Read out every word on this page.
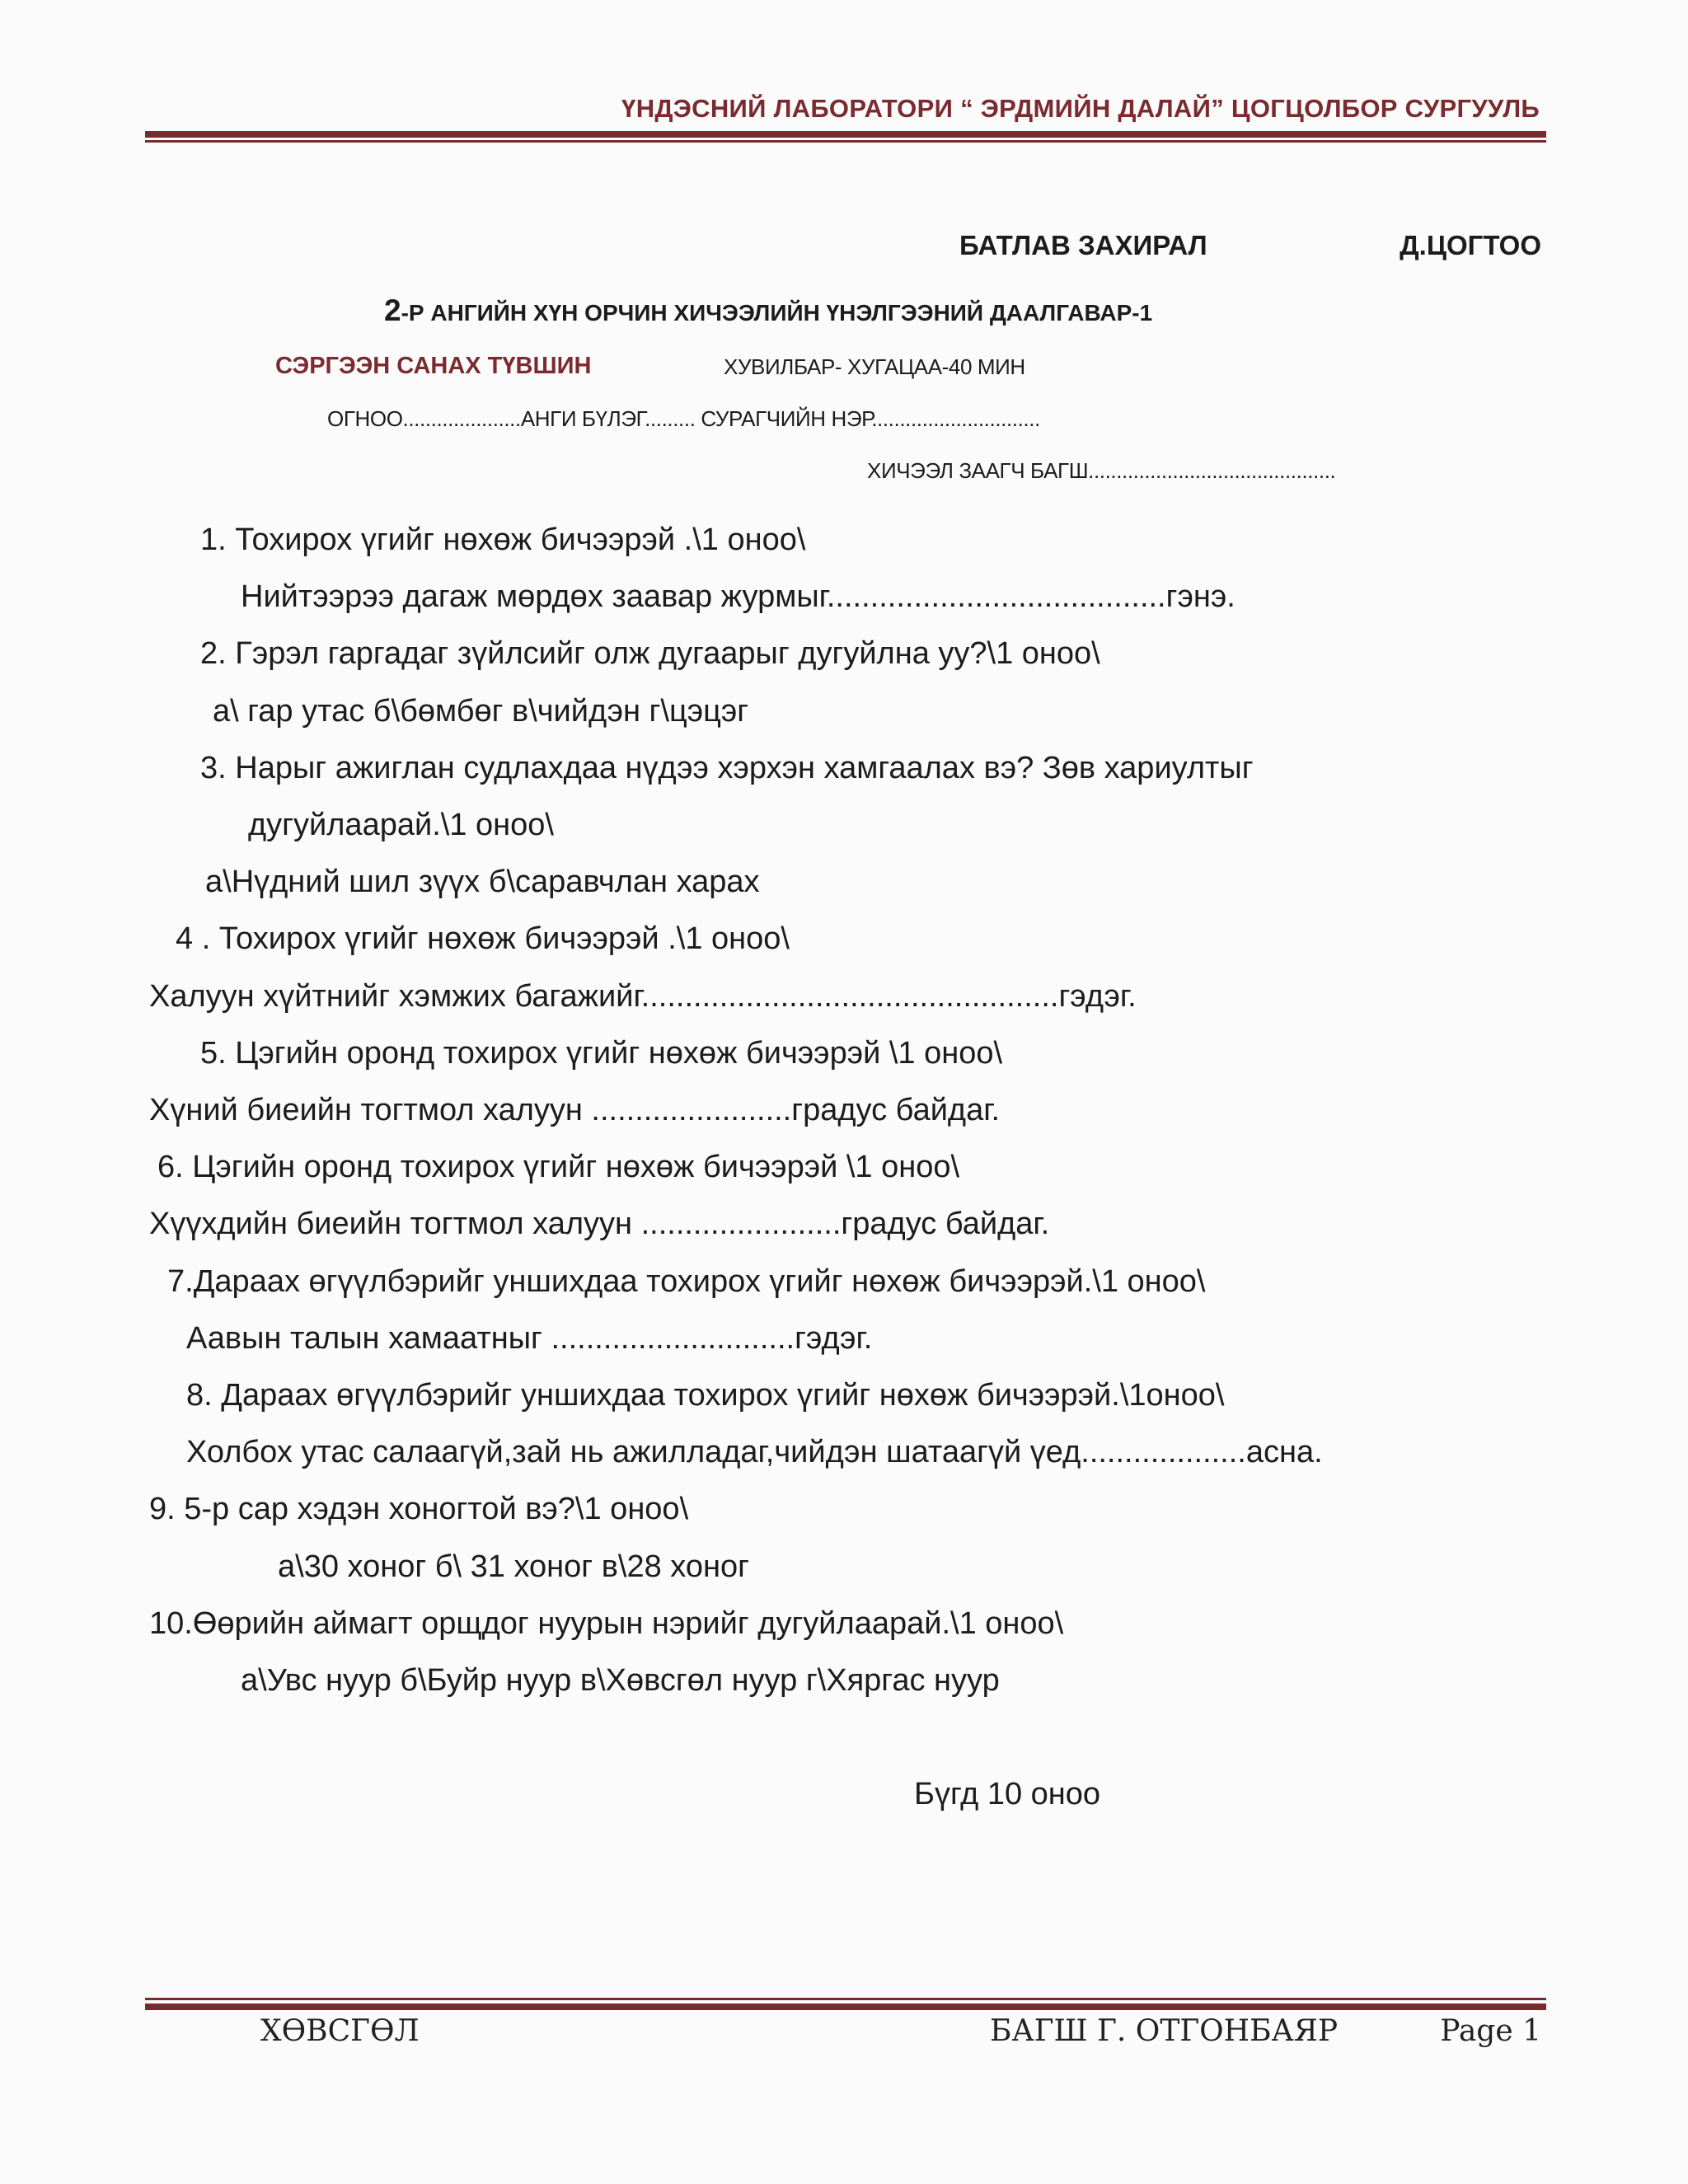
ҮНДЭСНИЙ ЛАБОРАТОРИ “ ЭРДМИЙН ДАЛАЙ” ЦОГЦОЛБОР СУРГУУЛЬ
БАТЛАВ ЗАХИРАЛ	Д.ЦОГТОО
2-Р АНГИЙН ХҮН ОРЧИН ХИЧЭЭЛИЙН ҮНЭЛГЭЭНИЙ ДААЛГАВАР-1
СЭРГЭЭН САНАХ ТҮВШИН	ХУВИЛБАР- ХУГАЦАА-40 МИН
ОГНОО.....................АНГИ БҮЛЭГ......... СУРАГЧИЙН НЭР..............................
ХИЧЭЭЛ ЗААГЧ БАГШ............................................
1. Тохирох үгийг нөхөж бичээрэй .\1 оноо\
Нийтээрээ дагаж мөрдөх заавар журмыг.......................................гэнэ.
2. Гэрэл гаргадаг зүйлсийг олж дугаарыг дугуйлна уу?\1 оноо\
а\ гар утас б\бөмбөг в\чийдэн г\цэцэг
3. Нарыг ажиглан судлахдаа нүдээ хэрхэн хамгаалах вэ? Зөв хариултыг
дугуйлаарай.\1 оноо\
а\Нүдний шил зүүх б\саравчлан харах
4 . Тохирох үгийг нөхөж бичээрэй .\1 оноо\
Халуун хүйтнийг хэмжих багажийг................................................гэдэг.
5. Цэгийн оронд тохирох үгийг нөхөж бичээрэй \1 оноо\
Хүний биеийн тогтмол халуун .......................градус байдаг.
6. Цэгийн оронд тохирох үгийг нөхөж бичээрэй \1 оноо\
Хүүхдийн биеийн тогтмол халуун .......................градус байдаг.
7.Дараах өгүүлбэрийг уншихдаа тохирох үгийг нөхөж бичээрэй.\1 оноо\
Аавын талын хамаатныг ............................гэдэг.
8. Дараах өгүүлбэрийг уншихдаа тохирох үгийг нөхөж бичээрэй.\1оноо\
Холбох утас салаагүй,зай нь ажилладаг,чийдэн шатаагүй үед...................асна.
9. 5-р сар хэдэн хоногтой вэ?\1 оноо\
а\30 хоног б\ 31 хоног в\28 хоног
10.Өөрийн аймагт орщдог нуурын нэрийг дугуйлаарай.\1 оноо\
а\Увс нуур б\Буйр нуур в\Хөвсгөл нуур г\Хяргас нуур
Бүгд 10 оноо
ХӨВСГӨЛ	БАГШ Г. ОТГОНБАЯР	Page 1
